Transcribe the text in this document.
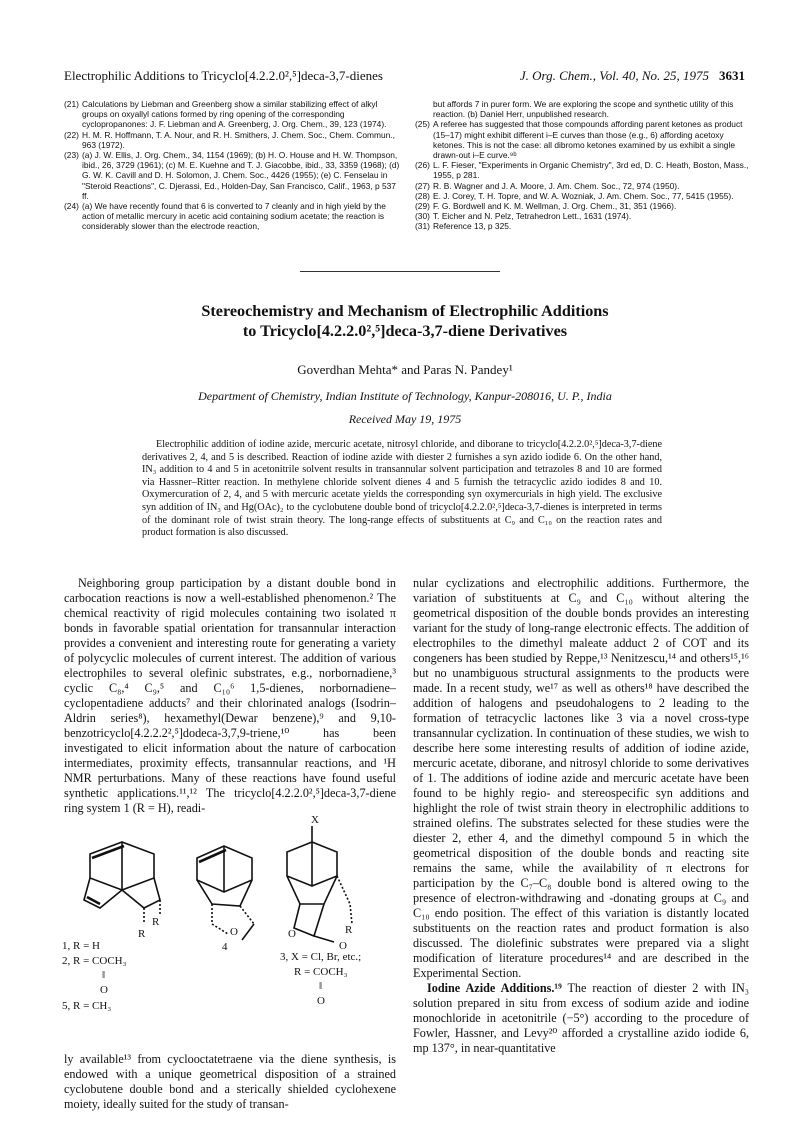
Electrophilic Additions to Tricyclo[4.2.2.0²,⁵]deca-3,7-dienes	J. Org. Chem., Vol. 40, No. 25, 1975 3631
(21) Calculations by Liebman and Greenberg show a similar stabilizing effect of alkyl groups on oxyallyl cations formed by ring opening of the corresponding cyclopropanones: J. F. Liebman and A. Greenberg, J. Org. Chem., 39, 123 (1974).
(22) H. M. R. Hoffmann, T. A. Nour, and R. H. Smithers, J. Chem. Soc., Chem. Commun., 963 (1972).
(23) (a) J. W. Ellis, J. Org. Chem., 34, 1154 (1969); (b) H. O. House and H. W. Thompson, ibid., 26, 3729 (1961); (c) M. E. Kuehne and T. J. Giacobbe, ibid., 33, 3359 (1968); (d) G. W. K. Cavill and D. H. Solomon, J. Chem. Soc., 4426 (1955); (e) C. Fenselau in "Steroid Reactions", C. Djerassi, Ed., Holden-Day, San Francisco, Calif., 1963, p 537 ff.
(24) (a) We have recently found that 6 is converted to 7 cleanly and in high yield by the action of metallic mercury in acetic acid containing sodium acetate; the reaction is considerably slower than the electrode reaction,
but affords 7 in purer form. We are exploring the scope and synthetic utility of this reaction. (b) Daniel Herr, unpublished research.
(25) A referee has suggested that those compounds affording parent ketones as product (15–17) might exhibit different i–E curves than those (e.g., 6) affording acetoxy ketones. This is not the case: all dibromo ketones examined by us exhibit a single drawn-out i–E curve.⁹ᵇ
(26) L. F. Fieser, "Experiments in Organic Chemistry", 3rd ed, D. C. Heath, Boston, Mass., 1955, p 281.
(27) R. B. Wagner and J. A. Moore, J. Am. Chem. Soc., 72, 974 (1950).
(28) E. J. Corey, T. H. Topre, and W. A. Wozniak, J. Am. Chem. Soc., 77, 5415 (1955).
(29) F. G. Bordwell and K. M. Wellman, J. Org. Chem., 31, 351 (1966).
(30) T. Eicher and N. Pelz, Tetrahedron Lett., 1631 (1974).
(31) Reference 13, p 325.
Stereochemistry and Mechanism of Electrophilic Additions
to Tricyclo[4.2.2.0²,⁵]deca-3,7-diene Derivatives
Goverdhan Mehta* and Paras N. Pandey¹
Department of Chemistry, Indian Institute of Technology, Kanpur-208016, U. P., India
Received May 19, 1975
Electrophilic addition of iodine azide, mercuric acetate, nitrosyl chloride, and diborane to tricyclo[4.2.2.0²,⁵]deca-3,7-diene derivatives 2, 4, and 5 is described. Reaction of iodine azide with diester 2 furnishes a syn azido iodide 6. On the other hand, IN₃ addition to 4 and 5 in acetonitrile solvent results in transannular solvent participation and tetrazoles 8 and 10 are formed via Hassner–Ritter reaction. In methylene chloride solvent dienes 4 and 5 furnish the tetracyclic azido iodides 8 and 10. Oxymercuration of 2, 4, and 5 with mercuric acetate yields the corresponding syn oxymercurials in high yield. The exclusive syn addition of IN₃ and Hg(OAc)₂ to the cyclobutene double bond of tricyclo[4.2.2.0²,⁵]deca-3,7-dienes is interpreted in terms of the dominant role of twist strain theory. The long-range effects of substituents at C₉ and C₁₀ on the reaction rates and product formation is also discussed.

Neighboring group participation by a distant double bond in carbocation reactions is now a well-established phenomenon.² The chemical reactivity of rigid molecules containing two isolated π bonds in favorable spatial orientation for transannular interaction provides a convenient and interesting route for generating a variety of polycyclic molecules of current interest. The addition of various electrophiles to several olefinic substrates, e.g., norbornadiene,³ cyclic C₈,⁴ C₉,⁵ and C₁₀⁶ 1,5-dienes, norbornadiene–cyclopentadiene adducts⁷ and their chlorinated analogs (Isodrin–Aldrin series⁸), hexamethyl(Dewar benzene),⁹ and 9,10-benzotricyclo[4.2.2.2²,⁵]dodeca-3,7,9-triene,¹⁰ has been investigated to elicit information about the nature of carbocation intermediates, proximity effects, transannular reactions, and ¹H NMR perturbations. Many of these reactions have found useful synthetic applications.¹¹,¹² The tricyclo[4.2.2.0²,⁵]deca-3,7-diene ring system 1 (R = H), readi-

X
R
R	R
O	O
O
1, R = H
2, R = COCH₃
‖
O
4
3, X = Cl, Br, etc.;
R = COCH₃
‖
O
5, R = CH₃
ly available¹³ from cyclooctatetraene via the diene synthesis, is endowed with a unique geometrical disposition of a strained cyclobutene double bond and a sterically shielded cyclohexene moiety, ideally suited for the study of transan-

nular cyclizations and electrophilic additions. Furthermore, the variation of substituents at C₉ and C₁₀ without altering the geometrical disposition of the double bonds provides an interesting variant for the study of long-range electronic effects. The addition of electrophiles to the dimethyl maleate adduct 2 of COT and its congeners has been studied by Reppe,¹³ Nenitzescu,¹⁴ and others¹⁵,¹⁶ but no unambiguous structural assignments to the products were made. In a recent study, we¹⁷ as well as others¹⁸ have described the addition of halogens and pseudohalogens to 2 leading to the formation of tetracyclic lactones like 3 via a novel cross-type transannular cyclization. In continuation of these studies, we wish to describe here some interesting results of addition of iodine azide, mercuric acetate, diborane, and nitrosyl chloride to some derivatives of 1. The additions of iodine azide and mercuric acetate have been found to be highly regio- and stereospecific syn additions and highlight the role of twist strain theory in electrophilic additions to strained olefins. The substrates selected for these studies were the diester 2, ether 4, and the dimethyl compound 5 in which the geometrical disposition of the double bonds and reacting site remains the same, while the availability of π electrons for participation by the C₇–C₈ double bond is altered owing to the presence of electron-withdrawing and -donating groups at C₉ and C₁₀ endo position. The effect of this variation is distantly located substituents on the reaction rates and product formation is also discussed. The diolefinic substrates were prepared via a slight modification of literature procedures¹⁴ and are described in the Experimental Section.

Iodine Azide Additions.¹⁹ The reaction of diester 2 with IN₃ solution prepared in situ from excess of sodium azide and iodine monochloride in acetonitrile (−5°) according to the procedure of Fowler, Hassner, and Levy²⁰ afforded a crystalline azido iodide 6, mp 137°, in near-quantitative
